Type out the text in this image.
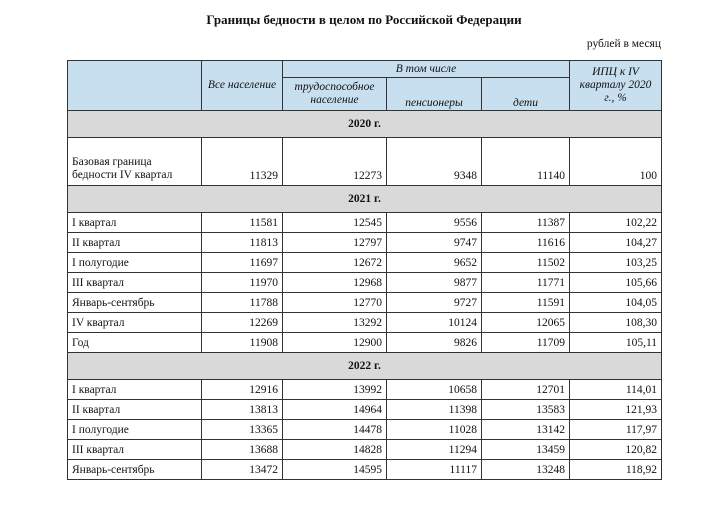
Границы бедности в целом по Российской Федерации
рублей в месяц
	Все население	В том числе			ИПЦ к IV кварталу 2020 г., %
		трудоспособное население	пенсионеры	дети	
2020 г.					
Базовая граница бедности IV квартал	11329	12273	9348	11140	100
2021 г.					
I квартал	11581	12545	9556	11387	102,22
II квартал	11813	12797	9747	11616	104,27
I полугодие	11697	12672	9652	11502	103,25
III квартал	11970	12968	9877	11771	105,66
Январь-сентябрь	11788	12770	9727	11591	104,05
IV квартал	12269	13292	10124	12065	108,30
Год	11908	12900	9826	11709	105,11
2022 г.					
I квартал	12916	13992	10658	12701	114,01
II квартал	13813	14964	11398	13583	121,93
I полугодие	13365	14478	11028	13142	117,97
III квартал	13688	14828	11294	13459	120,82
Январь-сентябрь	13472	14595	11117	13248	118,92
